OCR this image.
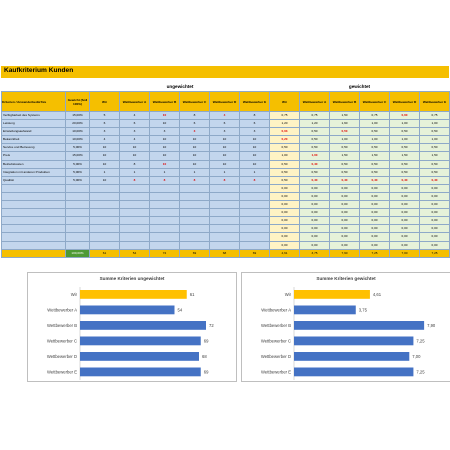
Kaufkriterium Kunden
ungewichtet	gewichtet
Kriterien / Anwenderbedürfnis	Gewicht (Soll 100%)	Wir	Wettbewerber A	Wettbewerber B	Wettbewerber C	Wettbewerber D	Wettbewerber E	Wir	Wettbewerber A	Wettbewerber B	Wettbewerber C	Wettbewerber D	Wettbewerber E
Verfügbarkeit des Systems	15,00%	5	4	10	8	4	8	0,75	0,75	1,50	0,75	0,60	0,75
Leistung	20,00%	6	6	10	6	6	6	1,20	1,20	1,60	1,00	1,00	1,00
Einstellungsaufwand	10,00%	3	3	3	3	3	3	0,03	0,50	0,50	0,50	0,50	0,50
Bekanntheit	10,00%	4	4	10	10	10	10	0,20	0,50	1,00	1,00	1,00	1,00
Service und Betreuung	5,00%	10	10	10	10	10	10	0,50	0,50	0,50	0,50	0,50	0,50
Preis	15,00%	10	10	10	10	10	10	1,00	1,00	1,50	1,50	1,50	1,50
Betriebskosten	5,00%	10	8	10	10	10	10	0,50	0,40	0,50	0,50	0,50	0,50
Integration mit anderen Produkten	5,00%	1	1	1	1	1	1	0,50	0,50	0,50	0,50	0,50	0,50
Qualität	5,00%	10	8	8	8	8	8	0,50	0,40	0,40	0,40	0,40	0,40
								0,00	0,00	0,00	0,00	0,00	0,00
								0,00	0,00	0,00	0,00	0,00	0,00
								0,00	0,00	0,00	0,00	0,00	0,00
								0,00	0,00	0,00	0,00	0,00	0,00
								0,00	0,00	0,00	0,00	0,00	0,00
								0,00	0,00	0,00	0,00	0,00	0,00
								0,00	0,00	0,00	0,00	0,00	0,00
								0,00	0,00	0,00	0,00	0,00	0,00
	100,00%	61	54	72	69	68	69	4,61	3,75	7,90	7,25	7,00	7,25
Summe Kriterien ungewichtet
Wir	61
Wettbewerber A	54
Wettbewerber B	72
Wettbewerber C	69
Wettbewerber D	68
Wettbewerber E	69
Summe Kriterien gewichtet
Wir	4,61
Wettbewerber A	3,75
Wettbewerber B	7,90
Wettbewerber C	7,25
Wettbewerber D	7,00
Wettbewerber E	7,25
